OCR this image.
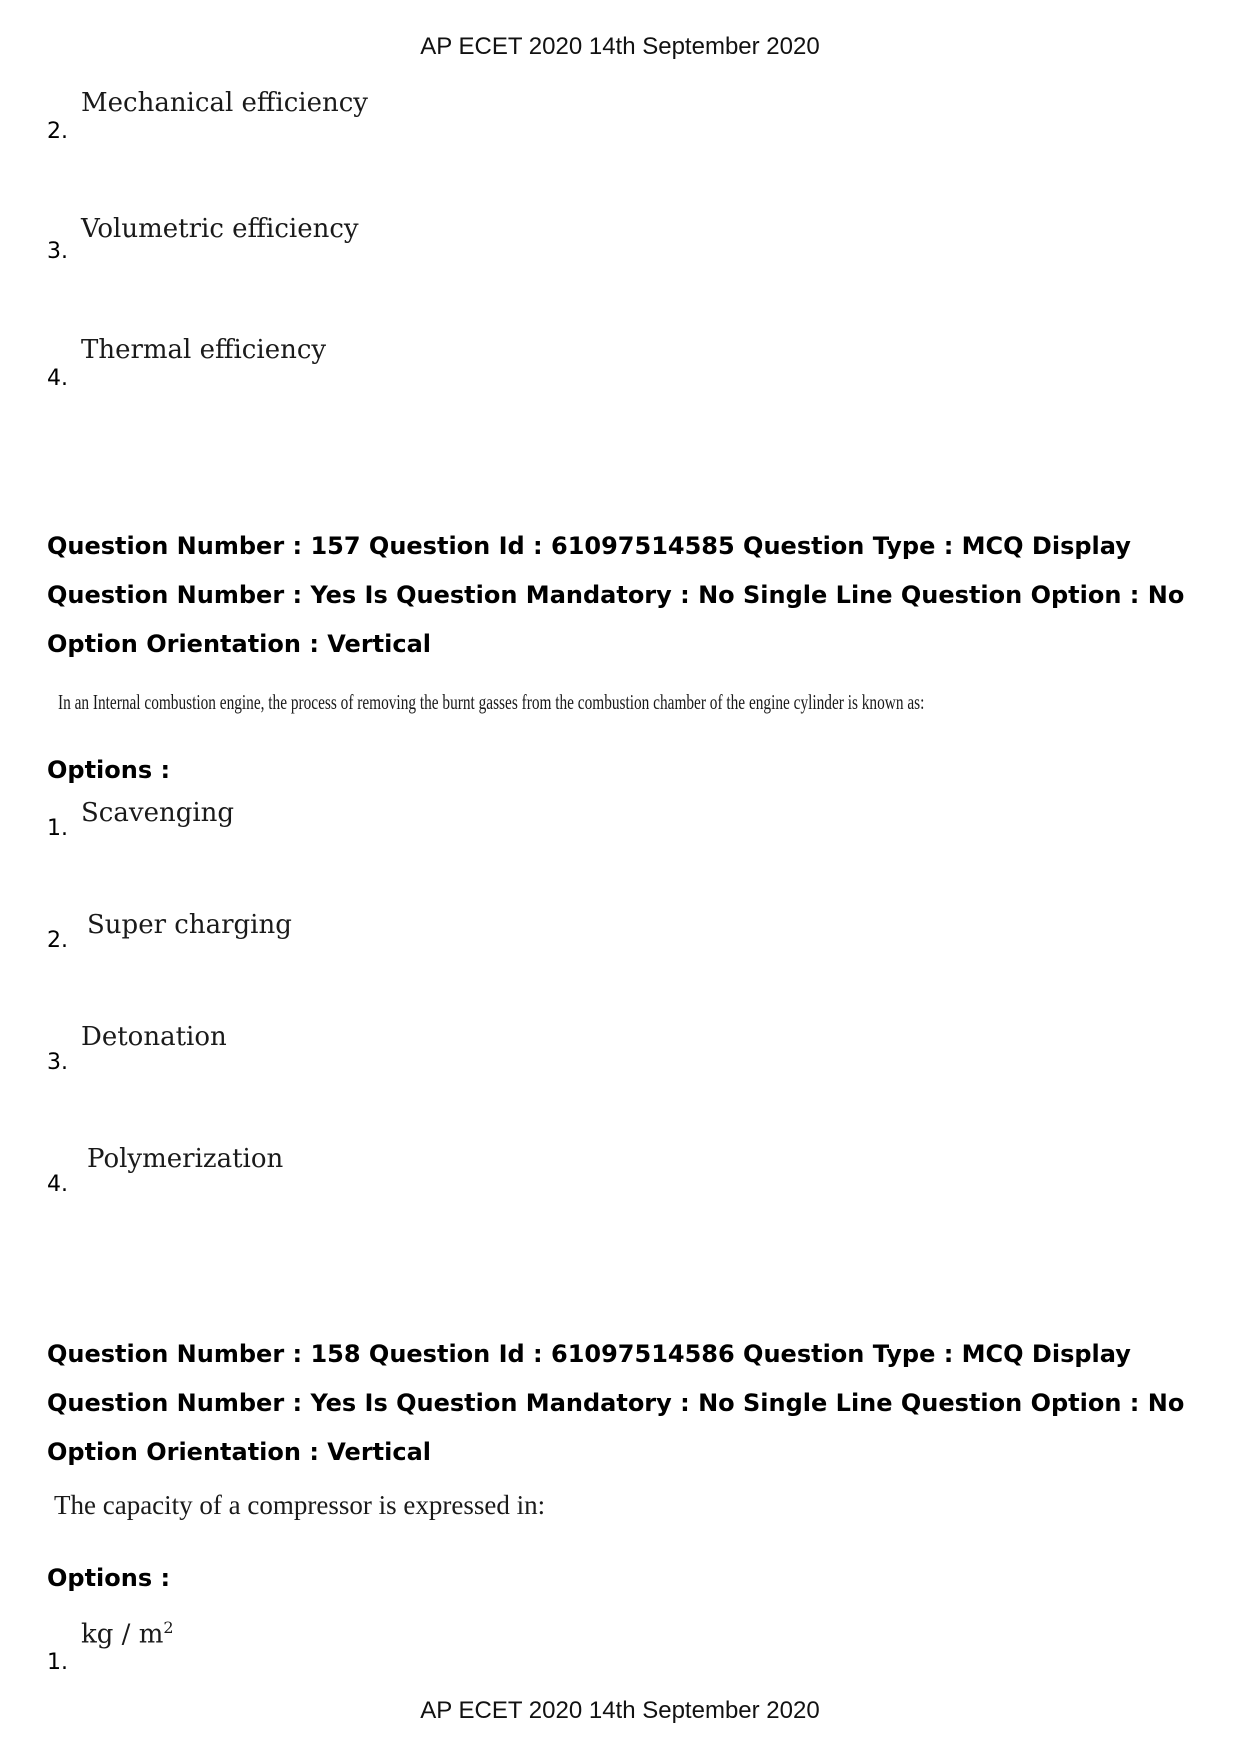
AP ECET 2020 14th September 2020
2.
Mechanical efficiency
3.
Volumetric efficiency
4.
Thermal efficiency
Question Number : 157 Question Id : 61097514585 Question Type : MCQ Display Question Number : Yes Is Question Mandatory : No Single Line Question Option : No Option Orientation : Vertical
In an Internal combustion engine, the process of removing the burnt gasses from the combustion chamber of the engine cylinder is known as:
Options :
1.
Scavenging
2.
Super charging
3.
Detonation
4.
Polymerization
Question Number : 158 Question Id : 61097514586 Question Type : MCQ Display Question Number : Yes Is Question Mandatory : No Single Line Question Option : No Option Orientation : Vertical
The capacity of a compressor is expressed in:
Options :
1.
kg / $m^2$
AP ECET 2020 14th September 2020
